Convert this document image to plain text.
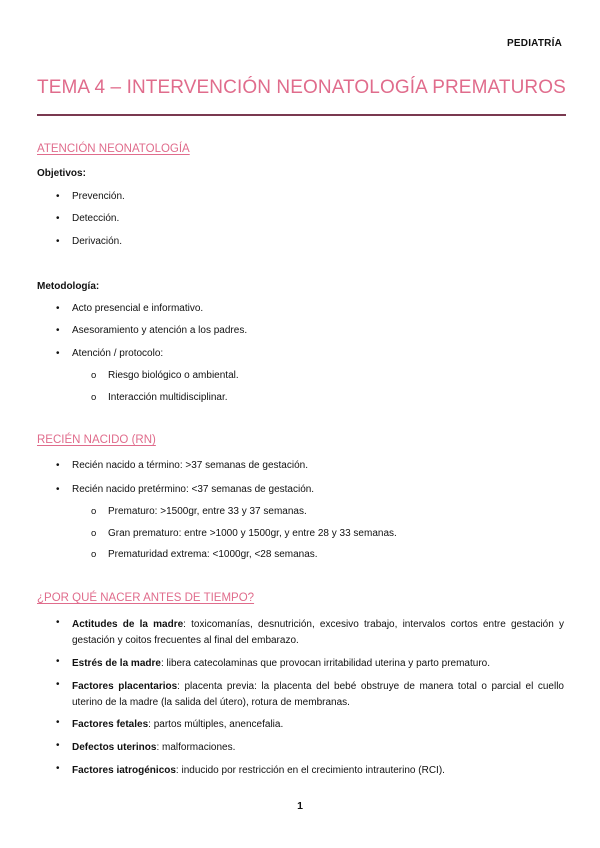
PEDIATRÍA
TEMA 4 – INTERVENCIÓN NEONATOLOGÍA PREMATUROS
ATENCIÓN NEONATOLOGÍA
Objetivos:
•	Prevención.
•	Detección.
•	Derivación.
Metodología:
•	Acto presencial e informativo.
•	Asesoramiento y atención a los padres.
•	Atención / protocolo:
o Riesgo biológico o ambiental.
o Interacción multidisciplinar.
RECIÉN NACIDO (RN)
•	Recién nacido a término: >37 semanas de gestación.
•	Recién nacido pretérmino: <37 semanas de gestación.
o Prematuro: >1500gr, entre 33 y 37 semanas.
o Gran prematuro: entre >1000 y 1500gr, y entre 28 y 33 semanas.
o Prematuridad extrema: <1000gr, <28 semanas.
¿POR QUÉ NACER ANTES DE TIEMPO?
•	Actitudes de la madre: toxicomanías, desnutrición, excesivo trabajo, intervalos cortos entre gestación y gestación y coitos frecuentes al final del embarazo.
•	Estrés de la madre: libera catecolaminas que provocan irritabilidad uterina y parto prematuro.
•	Factores placentarios: placenta previa: la placenta del bebé obstruye de manera total o parcial el cuello uterino de la madre (la salida del útero), rotura de membranas.
•	Factores fetales: partos múltiples, anencefalia.
•	Defectos uterinos: malformaciones.
•	Factores iatrogénicos: inducido por restricción en el crecimiento intrauterino (RCI).
1
